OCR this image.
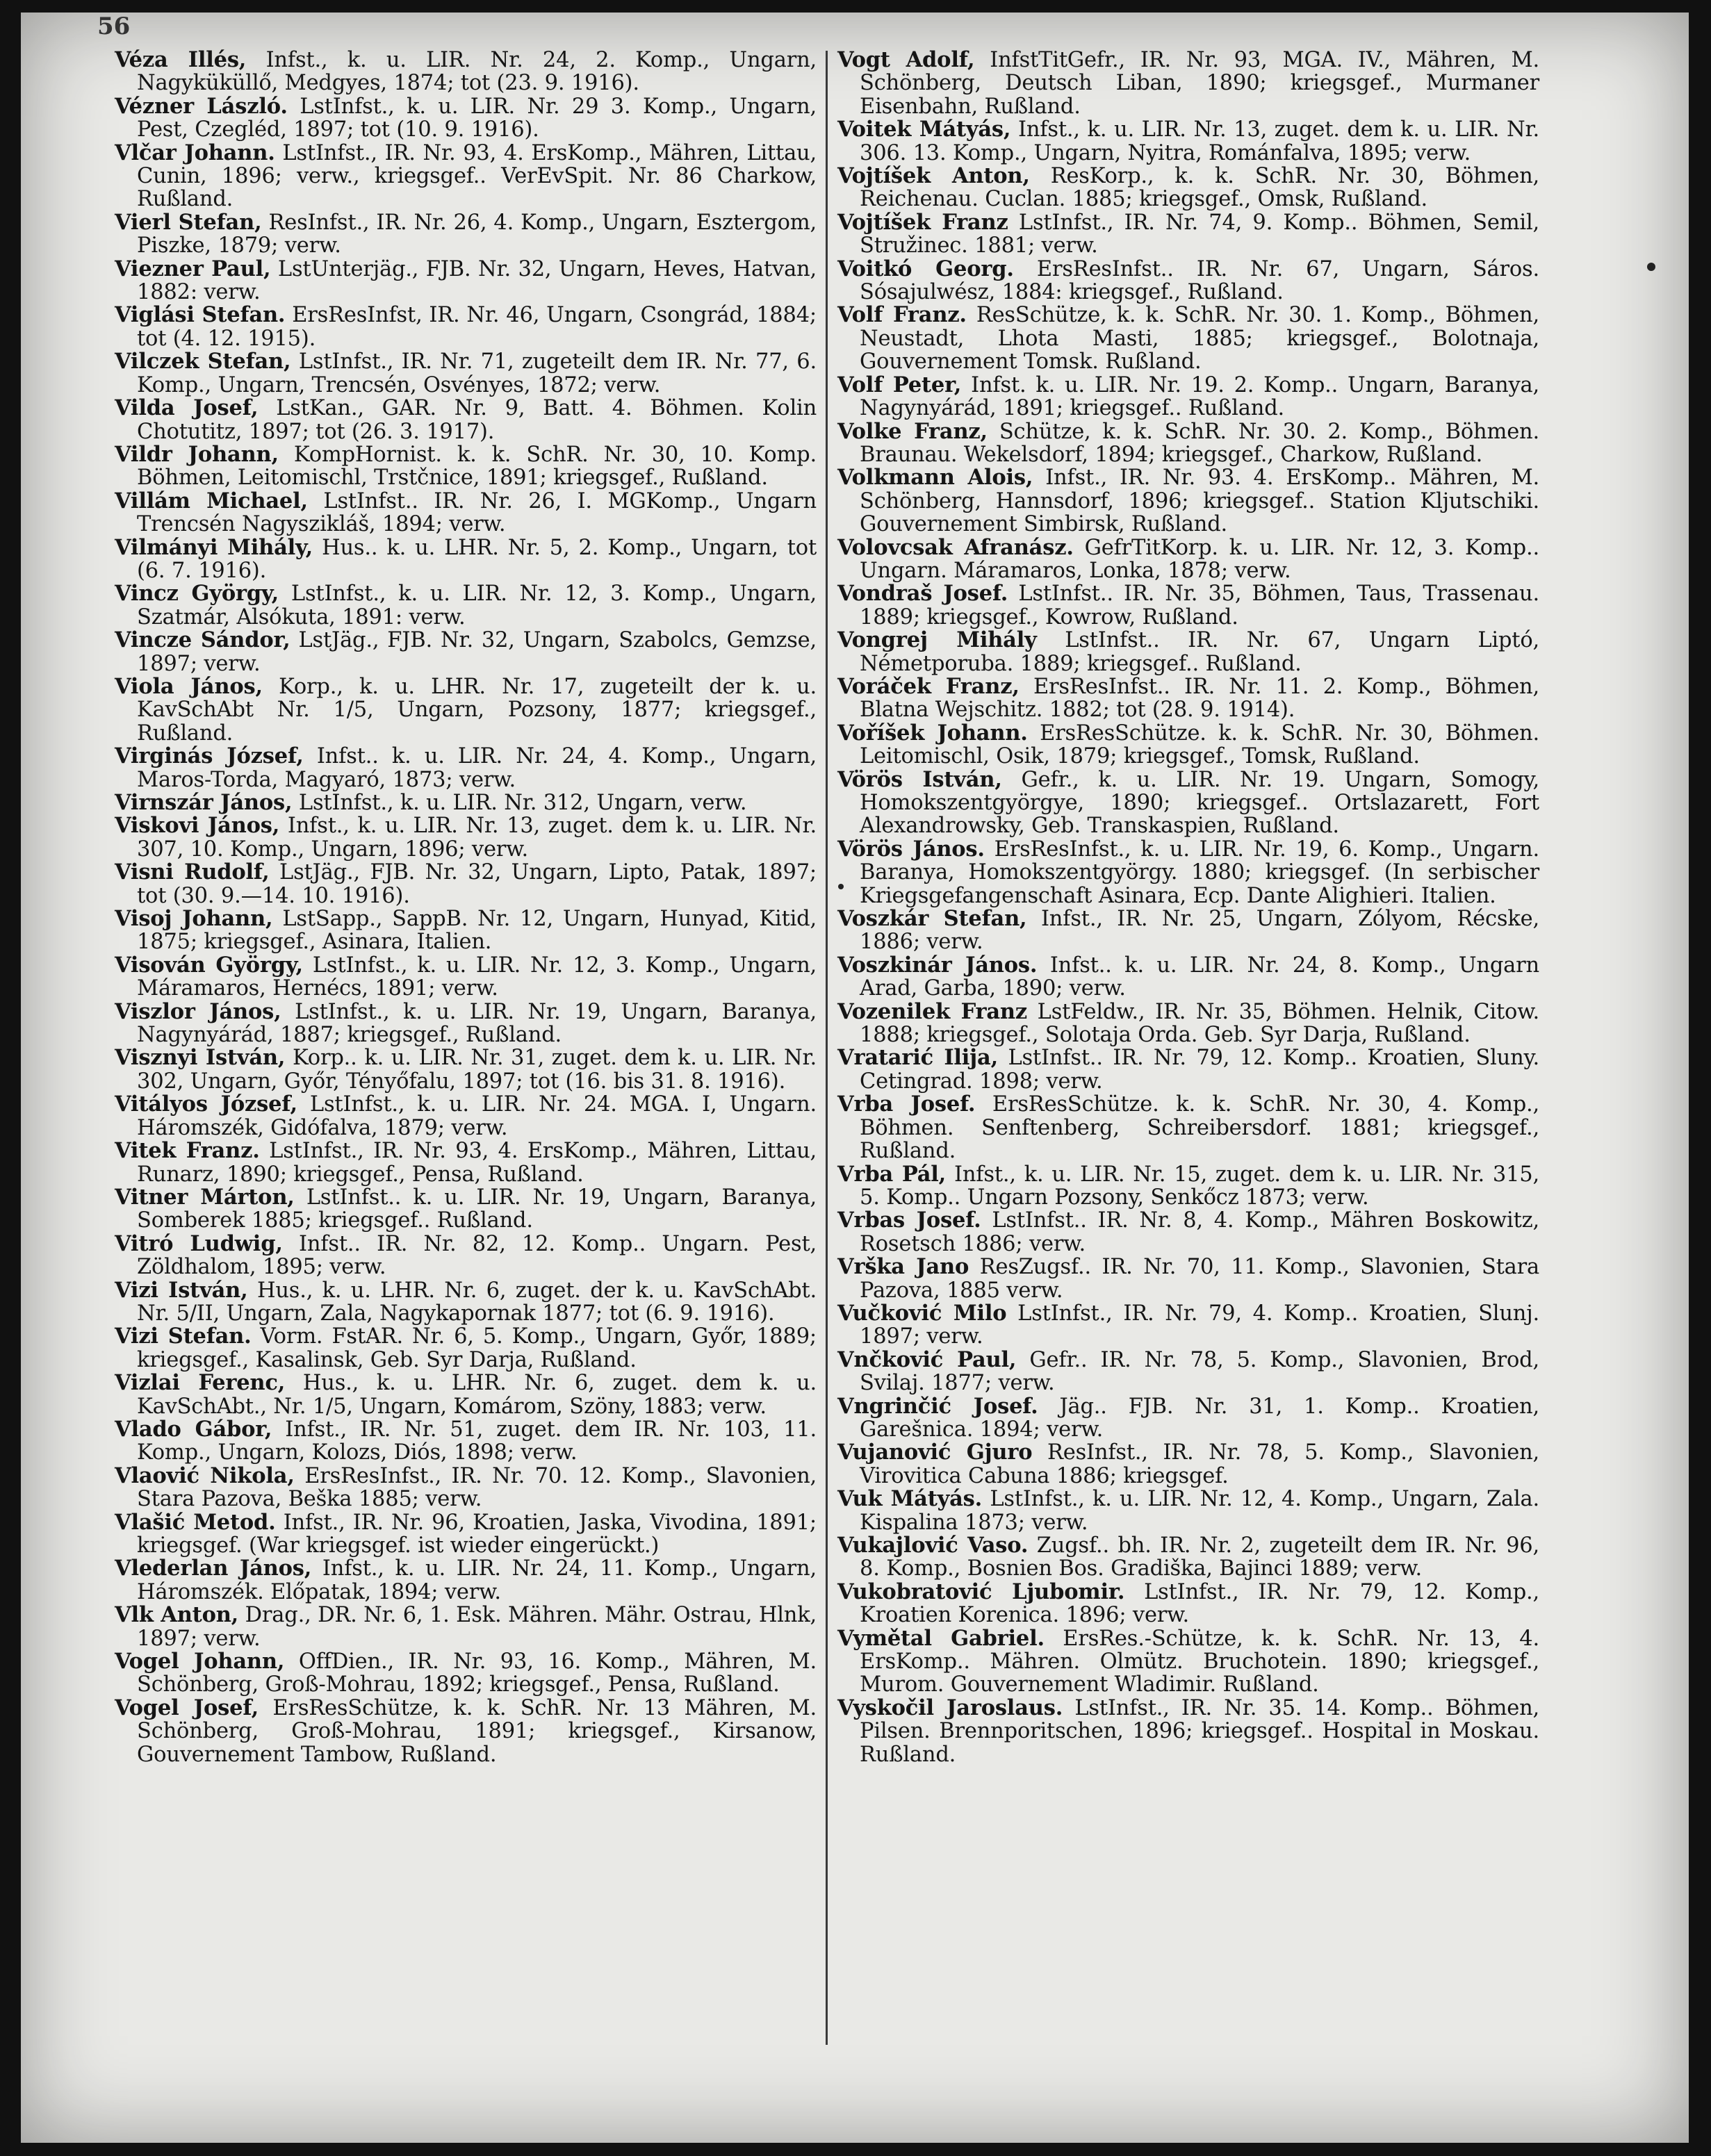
56

Véza Illés, Infst., k. u. LIR. Nr. 24, 2. Komp., Ungarn, Nagyküküllő, Medgyes, 1874; tot (23. 9. 1916).

Vézner László. LstInfst., k. u. LIR. Nr. 29 3. Komp., Ungarn, Pest, Czegléd, 1897; tot (10. 9. 1916).

Vlčar Johann. LstInfst., IR. Nr. 93, 4. ErsKomp., Mähren, Littau, Cunin, 1896; verw., kriegsgef.. VerEvSpit. Nr. 86 Charkow, Rußland.

Vierl Stefan, ResInfst., IR. Nr. 26, 4. Komp., Ungarn, Esztergom, Piszke, 1879; verw.

Viezner Paul, LstUnterjäg., FJB. Nr. 32, Ungarn, Heves, Hatvan, 1882: verw.

Viglási Stefan. ErsResInfst, IR. Nr. 46, Ungarn, Csongrád, 1884; tot (4. 12. 1915).

Vilczek Stefan, LstInfst., IR. Nr. 71, zugeteilt dem IR. Nr. 77, 6. Komp., Ungarn, Trencsén, Osvényes, 1872; verw.

Vilda Josef, LstKan., GAR. Nr. 9, Batt. 4. Böhmen. Kolin Chotutitz, 1897; tot (26. 3. 1917).

Vildr Johann, KompHornist. k. k. SchR. Nr. 30, 10. Komp. Böhmen, Leitomischl, Trstčnice, 1891; kriegsgef., Rußland.

Villám Michael, LstInfst.. IR. Nr. 26, I. MGKomp., Ungarn Trencsén Nagyszikláš, 1894; verw.

Vilmányi Mihály, Hus.. k. u. LHR. Nr. 5, 2. Komp., Ungarn, tot (6. 7. 1916).

Vincz György, LstInfst., k. u. LIR. Nr. 12, 3. Komp., Ungarn, Szatmár, Alsókuta, 1891: verw.

Vincze Sándor, LstJäg., FJB. Nr. 32, Ungarn, Szabolcs, Gemzse, 1897; verw.

Viola János, Korp., k. u. LHR. Nr. 17, zugeteilt der k. u. KavSchAbt Nr. 1/5, Ungarn, Pozsony, 1877; kriegsgef., Rußland.

Virginás József, Infst.. k. u. LIR. Nr. 24, 4. Komp., Ungarn, Maros-Torda, Magyaró, 1873; verw.

Virnszár János, LstInfst., k. u. LIR. Nr. 312, Ungarn, verw.

Viskovi János, Infst., k. u. LIR. Nr. 13, zuget. dem k. u. LIR. Nr. 307, 10. Komp., Ungarn, 1896; verw.

Visni Rudolf, LstJäg., FJB. Nr. 32, Ungarn, Lipto, Patak, 1897; tot (30. 9.—14. 10. 1916).

Visoj Johann, LstSapp., SappB. Nr. 12, Ungarn, Hunyad, Kitid, 1875; kriegsgef., Asinara, Italien.

Visován György, LstInfst., k. u. LIR. Nr. 12, 3. Komp., Ungarn, Máramaros, Hernécs, 1891; verw.

Viszlor János, LstInfst., k. u. LIR. Nr. 19, Ungarn, Baranya, Nagynyárád, 1887; kriegsgef., Rußland.

Visznyi István, Korp.. k. u. LIR. Nr. 31, zuget. dem k. u. LIR. Nr. 302, Ungarn, Győr, Tényőfalu, 1897; tot (16. bis 31. 8. 1916).

Vitályos József, LstInfst., k. u. LIR. Nr. 24. MGA. I, Ungarn. Háromszék, Gidófalva, 1879; verw.

Vitek Franz. LstInfst., IR. Nr. 93, 4. ErsKomp., Mähren, Littau, Runarz, 1890; kriegsgef., Pensa, Rußland.

Vitner Márton, LstInfst.. k. u. LIR. Nr. 19, Ungarn, Baranya, Somberek 1885; kriegsgef.. Rußland.

Vitró Ludwig, Infst.. IR. Nr. 82, 12. Komp.. Ungarn. Pest, Zöldhalom, 1895; verw.

Vizi István, Hus., k. u. LHR. Nr. 6, zuget. der k. u. KavSchAbt. Nr. 5/II, Ungarn, Zala, Nagykapornak 1877; tot (6. 9. 1916).

Vizi Stefan. Vorm. FstAR. Nr. 6, 5. Komp., Ungarn, Győr, 1889; kriegsgef., Kasalinsk, Geb. Syr Darja, Rußland.

Vizlai Ferenc, Hus., k. u. LHR. Nr. 6, zuget. dem k. u. KavSchAbt., Nr. 1/5, Ungarn, Komárom, Szöny, 1883; verw.

Vlado Gábor, Infst., IR. Nr. 51, zuget. dem IR. Nr. 103, 11. Komp., Ungarn, Kolozs, Diós, 1898; verw.

Vlaović Nikola, ErsResInfst., IR. Nr. 70. 12. Komp., Slavonien, Stara Pazova, Beška 1885; verw.

Vlašić Metod. Infst., IR. Nr. 96, Kroatien, Jaska, Vivodina, 1891; kriegsgef. (War kriegsgef. ist wieder eingerückt.)

Vlederlan János, Infst., k. u. LIR. Nr. 24, 11. Komp., Ungarn, Háromszék. Előpatak, 1894; verw.

Vlk Anton, Drag., DR. Nr. 6, 1. Esk. Mähren. Mähr. Ostrau, Hlnk, 1897; verw.

Vogel Johann, OffDien., IR. Nr. 93, 16. Komp., Mähren, M. Schönberg, Groß-Mohrau, 1892; kriegsgef., Pensa, Rußland.

Vogel Josef, ErsResSchütze, k. k. SchR. Nr. 13 Mähren, M. Schönberg, Groß-Mohrau, 1891; kriegsgef., Kirsanow, Gouvernement Tambow, Rußland.

Vogt Adolf, InfstTitGefr., IR. Nr. 93, MGA. IV., Mähren, M. Schönberg, Deutsch Liban, 1890; kriegsgef., Murmaner Eisenbahn, Rußland.

Voitek Mátyás, Infst., k. u. LIR. Nr. 13, zuget. dem k. u. LIR. Nr. 306. 13. Komp., Ungarn, Nyitra, Románfalva, 1895; verw.

Vojtíšek Anton, ResKorp., k. k. SchR. Nr. 30, Böhmen, Reichenau. Cuclan. 1885; kriegsgef., Omsk, Rußland.

Vojtíšek Franz LstInfst., IR. Nr. 74, 9. Komp.. Böhmen, Semil, Stružinec. 1881; verw.

Voitkó Georg. ErsResInfst.. IR. Nr. 67, Ungarn, Sáros. Sósajulwész, 1884: kriegsgef., Rußland.

Volf Franz. ResSchütze, k. k. SchR. Nr. 30. 1. Komp., Böhmen, Neustadt, Lhota Masti, 1885; kriegsgef., Bolotnaja, Gouvernement Tomsk. Rußland.

Volf Peter, Infst. k. u. LIR. Nr. 19. 2. Komp.. Ungarn, Baranya, Nagynyárád, 1891; kriegsgef.. Rußland.

Volke Franz, Schütze, k. k. SchR. Nr. 30. 2. Komp., Böhmen. Braunau. Wekelsdorf, 1894; kriegsgef., Charkow, Rußland.

Volkmann Alois, Infst., IR. Nr. 93. 4. ErsKomp.. Mähren, M. Schönberg, Hannsdorf, 1896; kriegsgef.. Station Kljutschiki. Gouvernement Simbirsk, Rußland.

Volovcsak Afranász. GefrTitKorp. k. u. LIR. Nr. 12, 3. Komp.. Ungarn. Máramaros, Lonka, 1878; verw.

Vondraš Josef. LstInfst.. IR. Nr. 35, Böhmen, Taus, Trassenau. 1889; kriegsgef., Kowrow, Rußland.

Vongrej Mihály LstInfst.. IR. Nr. 67, Ungarn Liptó, Németporuba. 1889; kriegsgef.. Rußland.

Voráček Franz, ErsResInfst.. IR. Nr. 11. 2. Komp., Böhmen, Blatna Wejschitz. 1882; tot (28. 9. 1914).

Voříšek Johann. ErsResSchütze. k. k. SchR. Nr. 30, Böhmen. Leitomischl, Osik, 1879; kriegsgef., Tomsk, Rußland.

Vörös István, Gefr., k. u. LIR. Nr. 19. Ungarn, Somogy, Homokszentgyörgye, 1890; kriegsgef.. Ortslazarett, Fort Alexandrowsky, Geb. Transkaspien, Rußland.

Vörös János. ErsResInfst., k. u. LIR. Nr. 19, 6. Komp., Ungarn. Baranya, Homokszentgyörgy. 1880; kriegsgef. (In serbischer Kriegsgefangenschaft Asinara, Ecp. Dante Alighieri. Italien.

Voszkár Stefan, Infst., IR. Nr. 25, Ungarn, Zólyom, Récske, 1886; verw.

Voszkinár János. Infst.. k. u. LIR. Nr. 24, 8. Komp., Ungarn Arad, Garba, 1890; verw.

Vozenilek Franz LstFeldw., IR. Nr. 35, Böhmen. Helnik, Citow. 1888; kriegsgef., Solotaja Orda. Geb. Syr Darja, Rußland.

Vratarić Ilija, LstInfst.. IR. Nr. 79, 12. Komp.. Kroatien, Sluny. Cetingrad. 1898; verw.

Vrba Josef. ErsResSchütze. k. k. SchR. Nr. 30, 4. Komp., Böhmen. Senftenberg, Schreibersdorf. 1881; kriegsgef., Rußland.

Vrba Pál, Infst., k. u. LIR. Nr. 15, zuget. dem k. u. LIR. Nr. 315, 5. Komp.. Ungarn Pozsony, Senkőcz 1873; verw.

Vrbas Josef. LstInfst.. IR. Nr. 8, 4. Komp., Mähren Boskowitz, Rosetsch 1886; verw.

Vrška Jano ResZugsf.. IR. Nr. 70, 11. Komp., Slavonien, Stara Pazova, 1885 verw.

Vučković Milo LstInfst., IR. Nr. 79, 4. Komp.. Kroatien, Slunj. 1897; verw.

Vnčković Paul, Gefr.. IR. Nr. 78, 5. Komp., Slavonien, Brod, Svilaj. 1877; verw.

Vngrinčić Josef. Jäg.. FJB. Nr. 31, 1. Komp.. Kroatien, Garešnica. 1894; verw.

Vujanović Gjuro ResInfst., IR. Nr. 78, 5. Komp., Slavonien, Virovitica Cabuna 1886; kriegsgef.

Vuk Mátyás. LstInfst., k. u. LIR. Nr. 12, 4. Komp., Ungarn, Zala. Kispalina 1873; verw.

Vukajlović Vaso. Zugsf.. bh. IR. Nr. 2, zugeteilt dem IR. Nr. 96, 8. Komp., Bosnien Bos. Gradiška, Bajinci 1889; verw.

Vukobratović Ljubomir. LstInfst., IR. Nr. 79, 12. Komp., Kroatien Korenica. 1896; verw.

Vymětal Gabriel. ErsRes.-Schütze, k. k. SchR. Nr. 13, 4. ErsKomp.. Mähren. Olmütz. Bruchotein. 1890; kriegsgef., Murom. Gouvernement Wladimir. Rußland.

Vyskočil Jaroslaus. LstInfst., IR. Nr. 35. 14. Komp.. Böhmen, Pilsen. Brennporitschen, 1896; kriegsgef.. Hospital in Moskau. Rußland.
